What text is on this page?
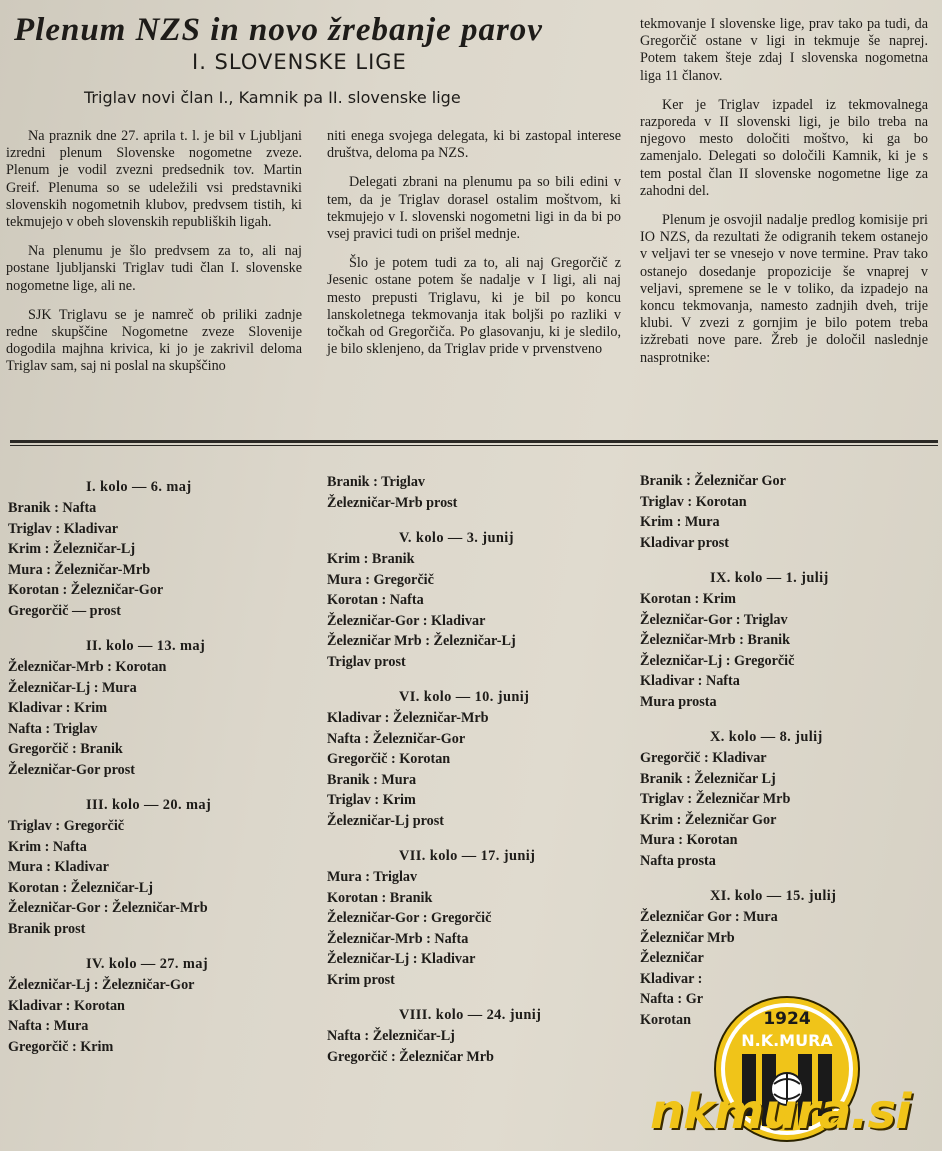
Plenum NZS in novo žrebanje parov
I. SLOVENSKE LIGE
Triglav novi član I., Kamnik pa II. slovenske lige

Na praznik dne 27. aprila t. l. je bil v Ljubljani izredni plenum Slovenske nogometne zveze. Plenum je vodil zvezni predsednik tov. Martin Greif. Plenuma so se udeležili vsi predstavniki slovenskih nogometnih klubov, predvsem tistih, ki tekmujejo v obeh slovenskih republiških ligah.

Na plenumu je šlo predvsem za to, ali naj postane ljubljanski Triglav tudi član I. slovenske nogometne lige, ali ne.

SJK Triglavu se je namreč ob priliki zadnje redne skupščine Nogometne zveze Slovenije dogodila majhna krivica, ki jo je zakrivil deloma Triglav sam, saj ni poslal na skupščino

niti enega svojega delegata, ki bi zastopal interese društva, deloma pa NZS.

Delegati zbrani na plenumu pa so bili edini v tem, da je Triglav dorasel ostalim moštvom, ki tekmujejo v I. slovenski nogometni ligi in da bi po vsej pravici tudi on prišel mednje.

Šlo je potem tudi za to, ali naj Gregorčič z Jesenic ostane potem še nadalje v I ligi, ali naj mesto prepusti Triglavu, ki je bil po koncu lanskoletnega tekmovanja itak boljši po razliki v točkah od Gregorčiča. Po glasovanju, ki je sledilo, je bilo sklenjeno, da Triglav pride v prvenstveno

tekmovanje I slovenske lige, prav tako pa tudi, da Gregorčič ostane v ligi in tekmuje še naprej. Potem takem šteje zdaj I slovenska nogometna liga 11 članov.

Ker je Triglav izpadel iz tekmovalnega razporeda v II slovenski ligi, je bilo treba na njegovo mesto določiti moštvo, ki ga bo zamenjalo. Delegati so določili Kamnik, ki je s tem postal član II slovenske nogometne lige za zahodni del.

Plenum je osvojil nadalje predlog komisije pri IO NZS, da rezultati že odigranih tekem ostanejo v veljavi ter se vnesejo v nove termine. Prav tako ostanejo dosedanje propozicije še vnaprej v veljavi, spremene se le v toliko, da izpadejo na koncu tekmovanja, namesto zadnjih dveh, trije klubi. V zvezi z gornjim je bilo potem treba izžrebati nove pare. Žreb je določil naslednje nasprotnike:

I. kolo — 6. maj
Branik : Nafta
Triglav : Kladivar
Krim : Železničar-Lj
Mura : Železničar-Mrb
Korotan : Železničar-Gor
Gregorčič — prost
II. kolo — 13. maj
Železničar-Mrb : Korotan
Železničar-Lj : Mura
Kladivar : Krim
Nafta : Triglav
Gregorčič : Branik
Železničar-Gor prost
III. kolo — 20. maj
Triglav : Gregorčič
Krim : Nafta
Mura : Kladivar
Korotan : Železničar-Lj
Železničar-Gor : Železničar-Mrb
Branik prost
IV. kolo — 27. maj
Železničar-Lj : Železničar-Gor
Kladivar : Korotan
Nafta : Mura
Gregorčič : Krim
Branik : Triglav
Železničar-Mrb prost
V. kolo — 3. junij
Krim : Branik
Mura : Gregorčič
Korotan : Nafta
Železničar-Gor : Kladivar
Železničar Mrb : Železničar-Lj
Triglav prost
VI. kolo — 10. junij
Kladivar : Železničar-Mrb
Nafta : Železničar-Gor
Gregorčič : Korotan
Branik : Mura
Triglav : Krim
Železničar-Lj prost
VII. kolo — 17. junij
Mura : Triglav
Korotan : Branik
Železničar-Gor : Gregorčič
Železničar-Mrb : Nafta
Železničar-Lj : Kladivar
Krim prost
VIII. kolo — 24. junij
Nafta : Železničar-Lj
Gregorčič : Železničar Mrb
Branik : Železničar Gor
Triglav : Korotan
Krim : Mura
Kladivar prost
IX. kolo — 1. julij
Korotan : Krim
Železničar-Gor : Triglav
Železničar-Mrb : Branik
Železničar-Lj : Gregorčič
Kladivar : Nafta
Mura prosta
X. kolo — 8. julij
Gregorčič : Kladivar
Branik : Železničar Lj
Triglav : Železničar Mrb
Krim : Železničar Gor
Mura : Korotan
Nafta prosta
XI. kolo — 15. julij
Železničar Gor : Mura
Železničar Mrb
Železničar
Kladivar :
Nafta : Gr
Korotan	1924
N.K.MURA
nkmura.si
